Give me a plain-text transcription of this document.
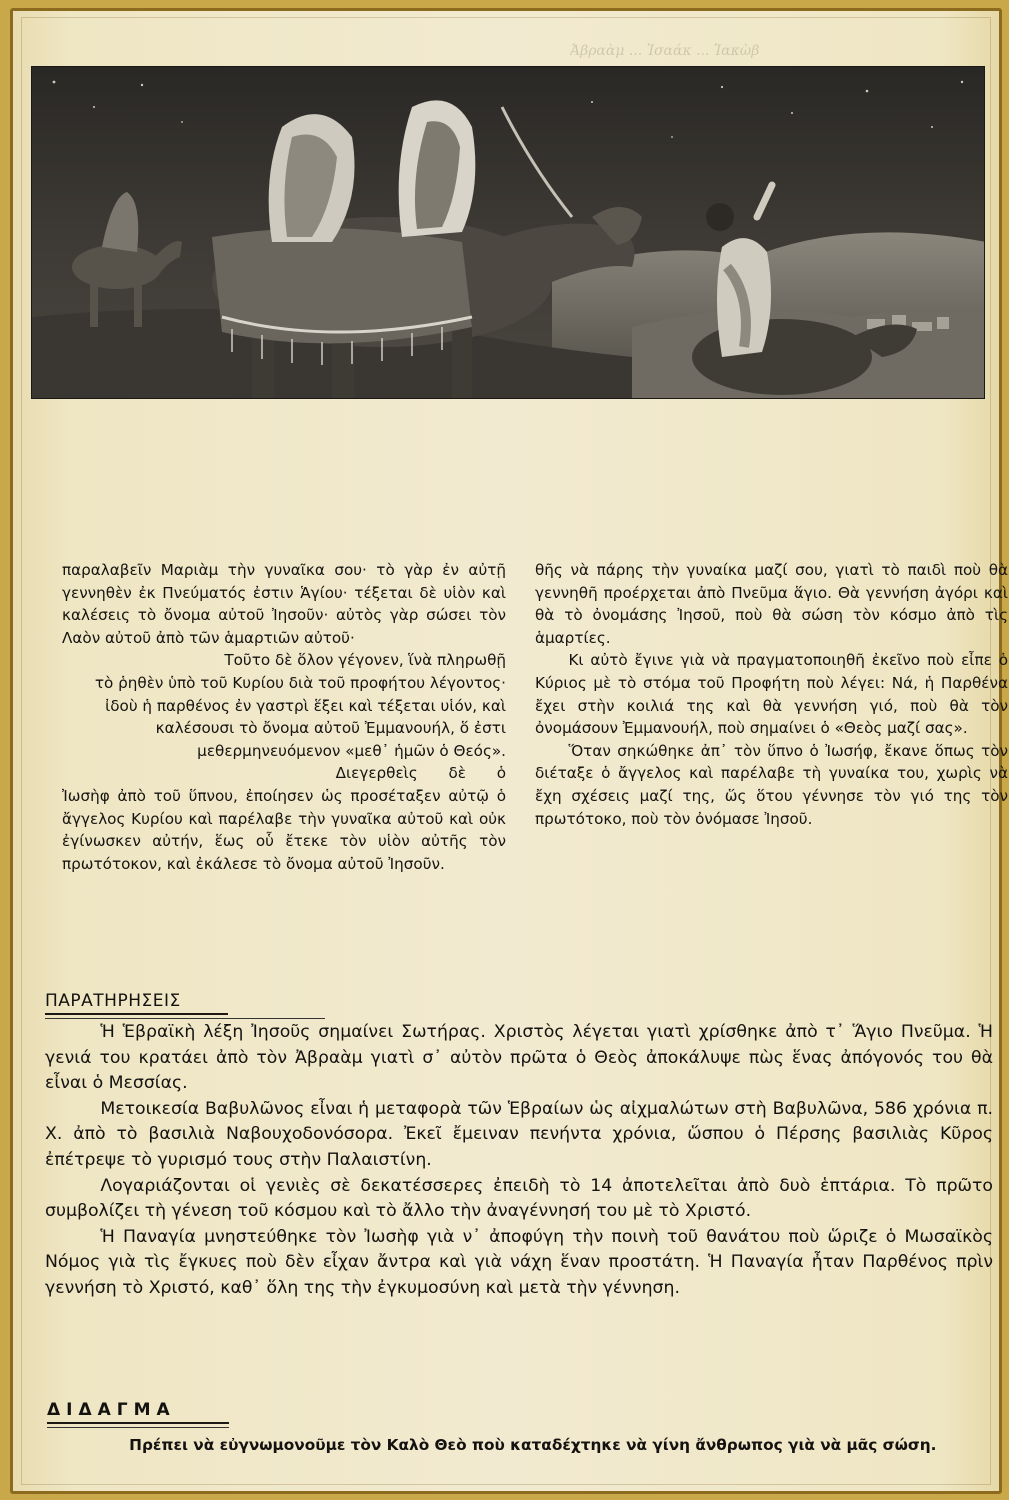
Ἀβραὰμ ... Ἰσαάκ ... Ἰακὼβ

παραλαβεῖν Μαριὰμ τὴν γυναῖκα σου· τὸ γὰρ ἐν αὐτῇ γεννηθὲν ἐκ Πνεύματός ἐστιν Ἁγίου· τέξεται δὲ υἱὸν καὶ καλέσεις τὸ ὄνομα αὐτοῦ Ἰησοῦν· αὐτὸς γὰρ σώσει τὸν Λαὸν αὐτοῦ ἀπὸ τῶν ἁμαρτιῶν αὐτοῦ·

Τοῦτο δὲ ὅλον γέγονεν, ἵνὰ πληρωθῇ τὸ ῥηθὲν ὑπὸ τοῦ Κυρίου διὰ τοῦ προφήτου λέγοντος· ἰδοὺ ἡ παρθένος ἐν γαστρὶ ἕξει καὶ τέξεται υἱόν, καὶ καλέσουσι τὸ ὄνομα αὐτοῦ Ἐμμανουήλ, ὅ ἐστι μεθερμηνευόμενον «μεθ᾿ ἡμῶν ὁ Θεός».

Διεγερθεὶς δὲ ὁ Ἰωσὴφ ἀπὸ τοῦ ὕπνου, ἐποίησεν ὡς προσέταξεν αὐτῷ ὁ ἄγγελος Κυρίου καὶ παρέλαβε τὴν γυναῖκα αὐτοῦ καὶ οὐκ ἐγίνωσκεν αὐτήν, ἕως οὗ ἔτεκε τὸν υἱὸν αὐτῆς τὸν πρωτότοκον, καὶ ἐκάλεσε τὸ ὄνομα αὐτοῦ Ἰησοῦν.

θῆς νὰ πάρης τὴν γυναίκα μαζί σου, γιατὶ τὸ παιδὶ ποὺ θὰ γεννηθῆ προέρχεται ἀπὸ Πνεῦμα ἅγιο. Θὰ γεννήση ἀγόρι καὶ θὰ τὸ ὀνομάσης Ἰησοῦ, ποὺ θὰ σώση τὸν κόσμο ἀπὸ τὶς ἁμαρτίες.

Κι αὐτὸ ἔγινε γιὰ νὰ πραγματοποιηθῆ ἐκεῖνο ποὺ εἶπε ὁ Κύριος μὲ τὸ στόμα τοῦ Προφήτη ποὺ λέγει: Νά, ἡ Παρθένα ἔχει στὴν κοιλιά της καὶ θὰ γεννήση γιό, ποὺ θὰ τὸν ὀνομάσουν Ἐμμανουήλ, ποὺ σημαίνει ὁ «Θεὸς μαζί σας».

Ὅταν σηκώθηκε ἀπ᾿ τὸν ὕπνο ὁ Ἰωσήφ, ἔκανε ὅπως τὸν διέταξε ὁ ἄγγελος καὶ παρέλαβε τὴ γυναίκα του, χωρὶς νὰ ἔχη σχέσεις μαζί της, ὥς ὅτου γέννησε τὸν γιό της τὸν πρωτότοκο, ποὺ τὸν ὀνόμασε Ἰησοῦ.

ΠΑΡΑΤΗΡΗΣΕΙΣ

Ἡ Ἑβραϊκὴ λέξη Ἰησοῦς σημαίνει Σωτήρας. Χριστὸς λέγεται γιατὶ χρίσθηκε ἀπὸ τ᾿ Ἅγιο Πνεῦμα. Ἡ γενιά του κρατάει ἀπὸ τὸν Ἀβραὰμ γιατὶ σ᾿ αὐτὸν πρῶτα ὁ Θεὸς ἀποκάλυψε πὼς ἕνας ἀπόγονός του θὰ εἶναι ὁ Μεσσίας.

Μετοικεσία Βαβυλῶνος εἶναι ἡ μεταφορὰ τῶν Ἑβραίων ὡς αἰχμαλώτων στὴ Βαβυλῶνα, 586 χρόνια π. Χ. ἀπὸ τὸ βασιλιὰ Ναβουχοδονόσορα. Ἐκεῖ ἔμειναν πενήντα χρόνια, ὥσπου ὁ Πέρσης βασιλιὰς Κῦρος ἐπέτρεψε τὸ γυρισμό τους στὴν Παλαιστίνη.

Λογαριάζονται οἱ γενιὲς σὲ δεκατέσσερες ἐπειδὴ τὸ 14 ἀποτελεῖται ἀπὸ δυὸ ἑπτάρια. Τὸ πρῶτο συμβολίζει τὴ γένεση τοῦ κόσμου καὶ τὸ ἄλλο τὴν ἀναγέννησή του μὲ τὸ Χριστό.

Ἡ Παναγία μνηστεύθηκε τὸν Ἰωσὴφ γιὰ ν᾿ ἀποφύγη τὴν ποινὴ τοῦ θανάτου ποὺ ὥριζε ὁ Μωσαϊκὸς Νόμος γιὰ τὶς ἔγκυες ποὺ δὲν εἶχαν ἄντρα καὶ γιὰ νάχη ἕναν προστάτη. Ἡ Παναγία ἦταν Παρθένος πρὶν γεννήση τὸ Χριστό, καθ᾿ ὅλη της τὴν ἐγκυμοσύνη καὶ μετὰ τὴν γέννηση.

ΔΙΔΑΓΜΑ
Πρέπει νὰ εὐγνωμονοῦμε τὸν Καλὸ Θεὸ ποὺ καταδέχτηκε νὰ γίνη ἄνθρωπος γιὰ νὰ μᾶς σώση.
